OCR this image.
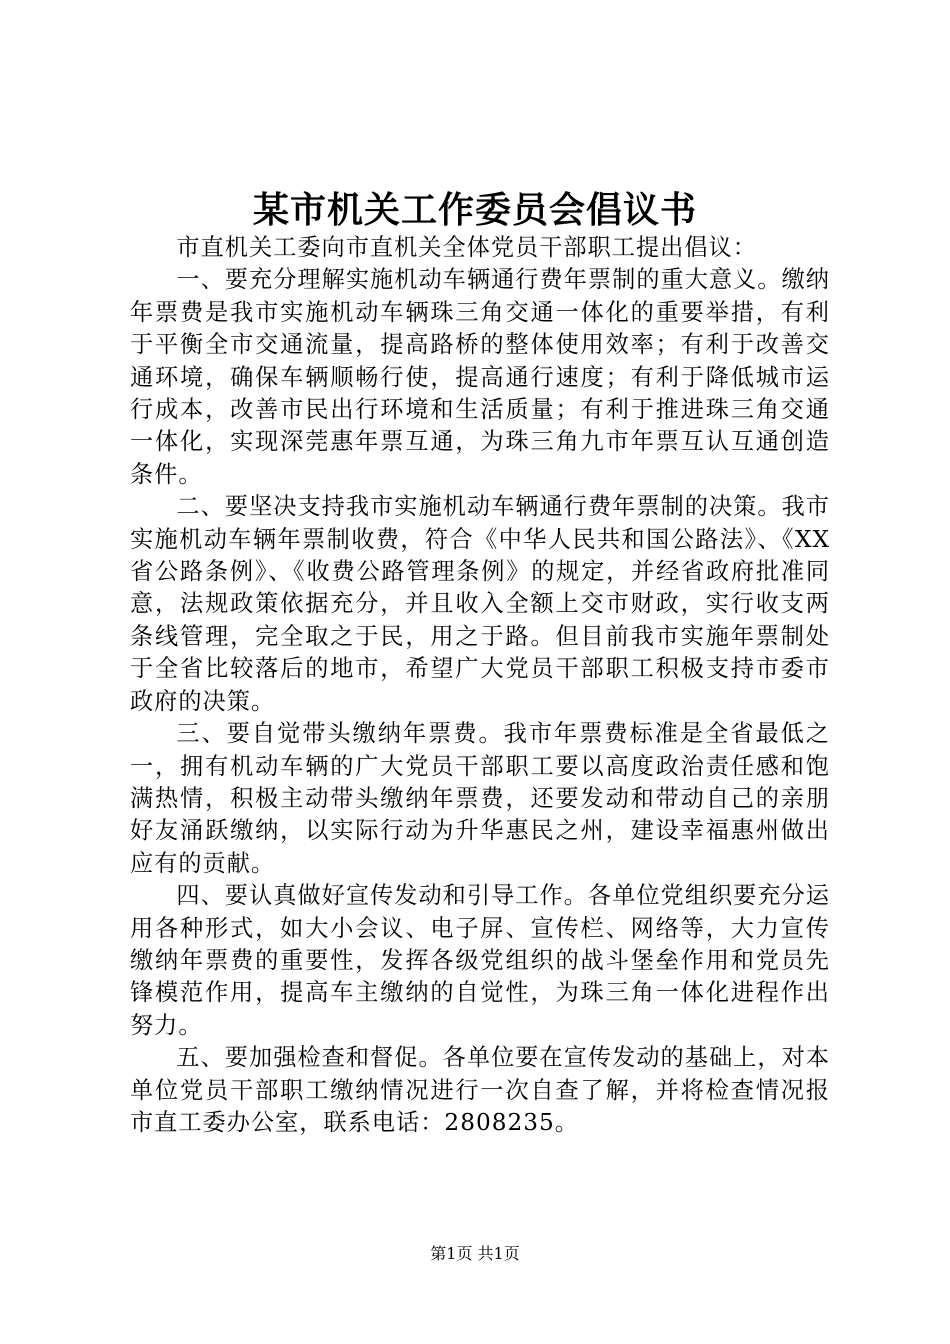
某市机关工作委员会倡议书

市直机关工委向市直机关全体党员干部职工提出倡议：

一、要充分理解实施机动车辆通行费年票制的重大意义。缴纳年票费是我市实施机动车辆珠三角交通一体化的重要举措，有利于平衡全市交通流量，提高路桥的整体使用效率；有利于改善交通环境，确保车辆顺畅行使，提高通行速度；有利于降低城市运行成本，改善市民出行环境和生活质量；有利于推进珠三角交通一体化，实现深莞惠年票互通，为珠三角九市年票互认互通创造条件。

二、要坚决支持我市实施机动车辆通行费年票制的决策。我市实施机动车辆年票制收费，符合《中华人民共和国公路法》、《XX省公路条例》、《收费公路管理条例》的规定，并经省政府批准同意，法规政策依据充分，并且收入全额上交市财政，实行收支两条线管理，完全取之于民，用之于路。但目前我市实施年票制处于全省比较落后的地市，希望广大党员干部职工积极支持市委市政府的决策。

三、要自觉带头缴纳年票费。我市年票费标准是全省最低之一，拥有机动车辆的广大党员干部职工要以高度政治责任感和饱满热情，积极主动带头缴纳年票费，还要发动和带动自己的亲朋好友涌跃缴纳，以实际行动为升华惠民之州，建设幸福惠州做出应有的贡献。

四、要认真做好宣传发动和引导工作。各单位党组织要充分运用各种形式，如大小会议、电子屏、宣传栏、网络等，大力宣传缴纳年票费的重要性，发挥各级党组织的战斗堡垒作用和党员先锋模范作用，提高车主缴纳的自觉性，为珠三角一体化进程作出努力。

五、要加强检查和督促。各单位要在宣传发动的基础上，对本单位党员干部职工缴纳情况进行一次自查了解，并将检查情况报市直工委办公室，联系电话：2808235。

第1页 共1页
